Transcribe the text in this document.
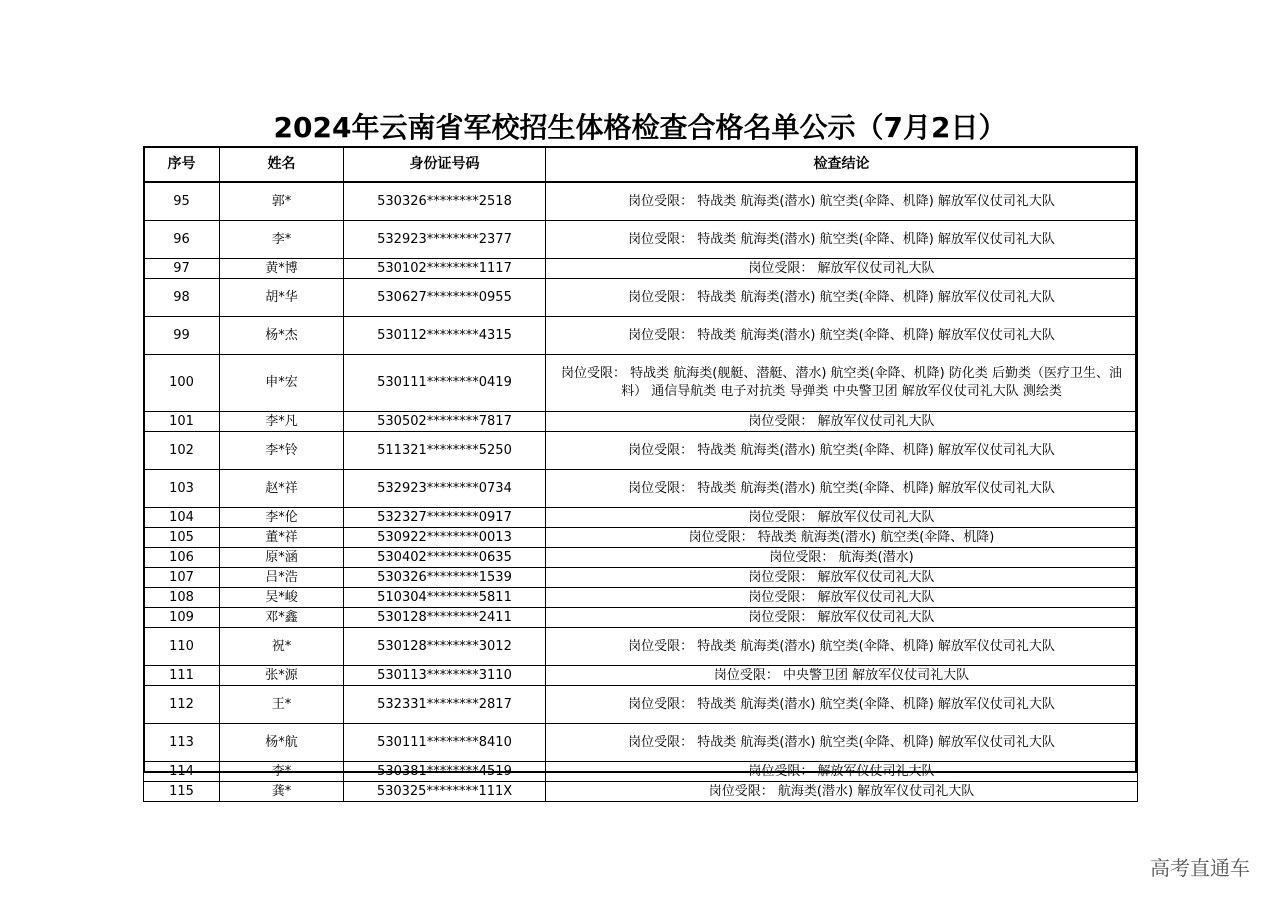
2024年云南省军校招生体格检查合格名单公示（7月2日）
序号	姓名	身份证号码	检查结论
95	郭*	530326********2518	岗位受限： 特战类 航海类(潜水) 航空类(伞降、机降) 解放军仪仗司礼大队
96	李*	532923********2377	岗位受限： 特战类 航海类(潜水) 航空类(伞降、机降) 解放军仪仗司礼大队
97	黄*博	530102********1117	岗位受限： 解放军仪仗司礼大队
98	胡*华	530627********0955	岗位受限： 特战类 航海类(潜水) 航空类(伞降、机降) 解放军仪仗司礼大队
99	杨*杰	530112********4315	岗位受限： 特战类 航海类(潜水) 航空类(伞降、机降) 解放军仪仗司礼大队
100	申*宏	530111********0419	岗位受限： 特战类 航海类(舰艇、潜艇、潜水) 航空类(伞降、机降) 防化类 后勤类（医疗卫生、油料） 通信导航类 电子对抗类 导弹类 中央警卫团 解放军仪仗司礼大队 测绘类
101	李*凡	530502********7817	岗位受限： 解放军仪仗司礼大队
102	李*铃	511321********5250	岗位受限： 特战类 航海类(潜水) 航空类(伞降、机降) 解放军仪仗司礼大队
103	赵*祥	532923********0734	岗位受限： 特战类 航海类(潜水) 航空类(伞降、机降) 解放军仪仗司礼大队
104	李*伦	532327********0917	岗位受限： 解放军仪仗司礼大队
105	董*祥	530922********0013	岗位受限： 特战类 航海类(潜水) 航空类(伞降、机降)
106	原*涵	530402********0635	岗位受限： 航海类(潜水)
107	吕*浩	530326********1539	岗位受限： 解放军仪仗司礼大队
108	吴*峻	510304********5811	岗位受限： 解放军仪仗司礼大队
109	邓*鑫	530128********2411	岗位受限： 解放军仪仗司礼大队
110	祝*	530128********3012	岗位受限： 特战类 航海类(潜水) 航空类(伞降、机降) 解放军仪仗司礼大队
111	张*源	530113********3110	岗位受限： 中央警卫团 解放军仪仗司礼大队
112	王*	532331********2817	岗位受限： 特战类 航海类(潜水) 航空类(伞降、机降) 解放军仪仗司礼大队
113	杨*航	530111********8410	岗位受限： 特战类 航海类(潜水) 航空类(伞降、机降) 解放军仪仗司礼大队
114	李*	530381********4519	岗位受限： 解放军仪仗司礼大队
115	龚*	530325********111X	岗位受限： 航海类(潜水) 解放军仪仗司礼大队
高考直通车
